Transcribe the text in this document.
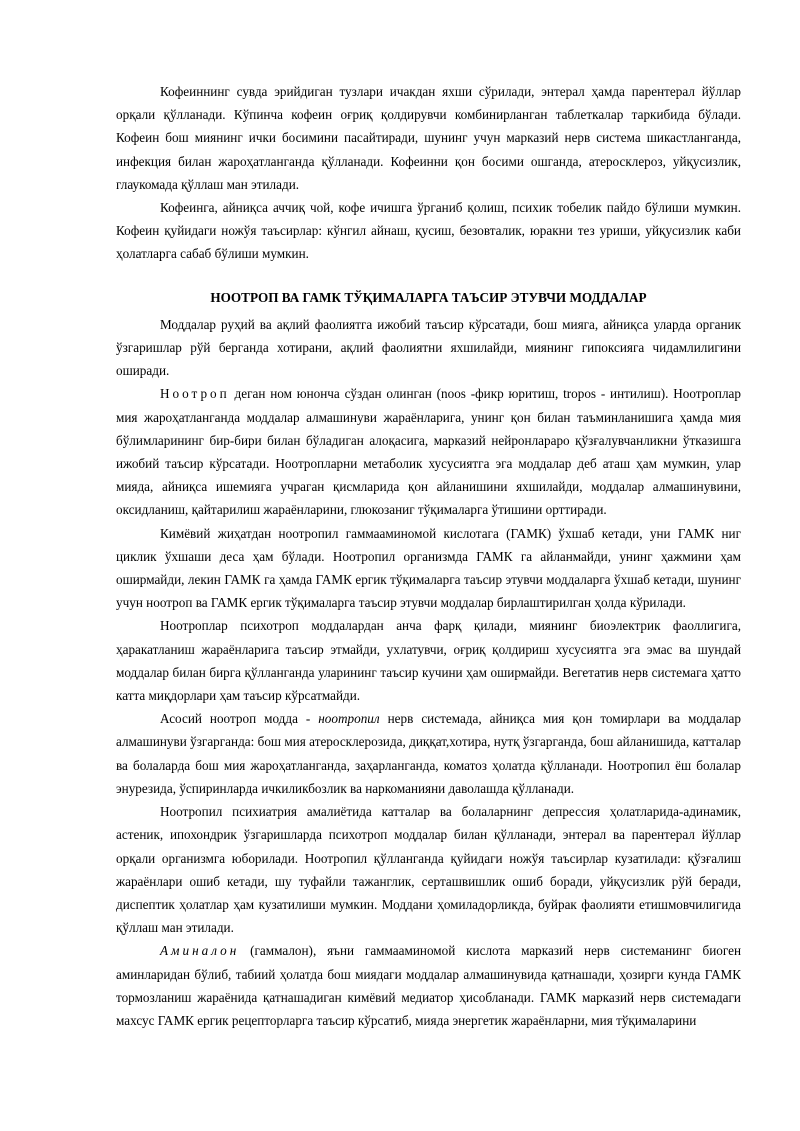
Кофеиннинг сувда эрийдиган тузлари ичакдан яхши сўрилади, энтерал ҳамда парентерал йўллар орқали қўлланади. Кўпинча кофеин оғриқ қолдирувчи комбинирланган таблеткалар таркибида бўлади. Кофеин бош миянинг ички босимини пасайтиради, шунинг учун марказий нерв система шикастланганда, инфекция билан жароҳатланганда қўлланади. Кофеинни қон босими ошганда, атеросклероз, уйқусизлик, глаукомада қўллаш ман этилади.

Кофеинга, айниқса аччиқ чой, кофе ичишга ўрганиб қолиш, психик тобелик пайдо бўлиши мумкин. Кофеин қуйидаги ножўя таъсирлар: кўнгил айнаш, қусиш, безовталик, юракни тез уриши, уйқусизлик каби ҳолатларга сабаб бўлиши мумкин.

НООТРОП ВА ГАМК ТЎҚИМАЛАРГА ТАЪСИР ЭТУВЧИ МОДДАЛАР

Моддалар руҳий ва ақлий фаолиятга ижобий таъсир кўрсатади, бош мияга, айниқса уларда органик ўзгаришлар рўй берганда хотирани, ақлий фаолиятни яхшилайди, миянинг гипоксияга чидамлилигини оширади.

Ноотроп деган ном юнонча сўздан олинган (noos -фикр юритиш, tropos - интилиш). Ноотроплар мия жароҳатланганда моддалар алмашинуви жараёнларига, унинг қон билан таъминланишига ҳамда мия бўлимларининг бир-бири билан бўладиган алоқасига, марказий нейронлараро қўзғалувчанликни ўтказишга ижобий таъсир кўрсатади. Ноотропларни метаболик хусусиятга эга моддалар деб аташ ҳам мумкин, улар мияда, айниқса ишемияга учраган қисмларида қон айланишини яхшилайди, моддалар алмашинувини, оксидланиш, қайтарилиш жараёнларини, глюкозаниг тўқималарга ўтишини орттиради.

Кимёвий жиҳатдан ноотропил гаммааминомой кислотага (ГАМК) ўхшаб кетади, уни ГАМК ниг циклик ўхшаши деса ҳам бўлади. Ноотропил организмда ГАМК га айланмайди, унинг ҳажмини ҳам оширмайди, лекин ГАМК га ҳамда ГАМК ергик тўқималарга таъсир этувчи моддаларга ўхшаб кетади, шунинг учун ноотроп ва ГАМК ергик тўқималарга таъсир этувчи моддалар бирлаштирилган ҳолда кўрилади.

Ноотроплар психотроп моддалардан анча фарқ қилади, миянинг биоэлектрик фаоллигига, ҳаракатланиш жараёнларига таъсир этмайди, ухлатувчи, оғриқ қолдириш хусусиятга эга эмас ва шундай моддалар билан бирга қўлланганда уларининг таъсир кучини ҳам оширмайди. Вегетатив нерв системага ҳатто катта миқдорлари ҳам таъсир кўрсатмайди.

Асосий ноотроп модда - ноотропил нерв системада, айниқса мия қон томирлари ва моддалар алмашинуви ўзгарганда: бош мия атеросклерозида, диққат,хотира, нутқ ўзгарганда, бош айланишида, катталар ва болаларда бош мия жароҳатланганда, заҳарланганда, коматоз ҳолатда қўлланади. Ноотропил ёш болалар энурезида, ўспиринларда ичкиликбозлик ва наркоманияни даволашда қўлланади.

Ноотропил психиатрия амалиётида катталар ва болаларнинг депрессия ҳолатларида-адинамик, астеник, ипохондрик ўзгаришларда психотроп моддалар билан қўлланади, энтерал ва парентерал йўллар орқали организмга юборилади. Ноотропил қўлланганда қуйидаги ножўя таъсирлар кузатилади: қўзғалиш жараёнлари ошиб кетади, шу туфайли тажанглик, серташвишлик ошиб боради, уйқусизлик рўй беради, диспептик ҳолатлар ҳам кузатилиши мумкин. Моддани ҳомиладорликда, буйрак фаолияти етишмовчилигида қўллаш ман этилади.

Аминалон (гаммалон), яъни гаммааминомой кислота марказий нерв системанинг биоген аминларидан бўлиб, табиий ҳолатда бош миядаги моддалар алмашинувида қатнашади, ҳозирги кунда ГАМК тормозланиш жараёнида қатнашадиган кимёвий медиатор ҳисобланади. ГАМК марказий нерв системадаги махсус ГАМК ергик рецепторларга таъсир кўрсатиб, мияда энергетик жараёнларни, мия тўқималарини
